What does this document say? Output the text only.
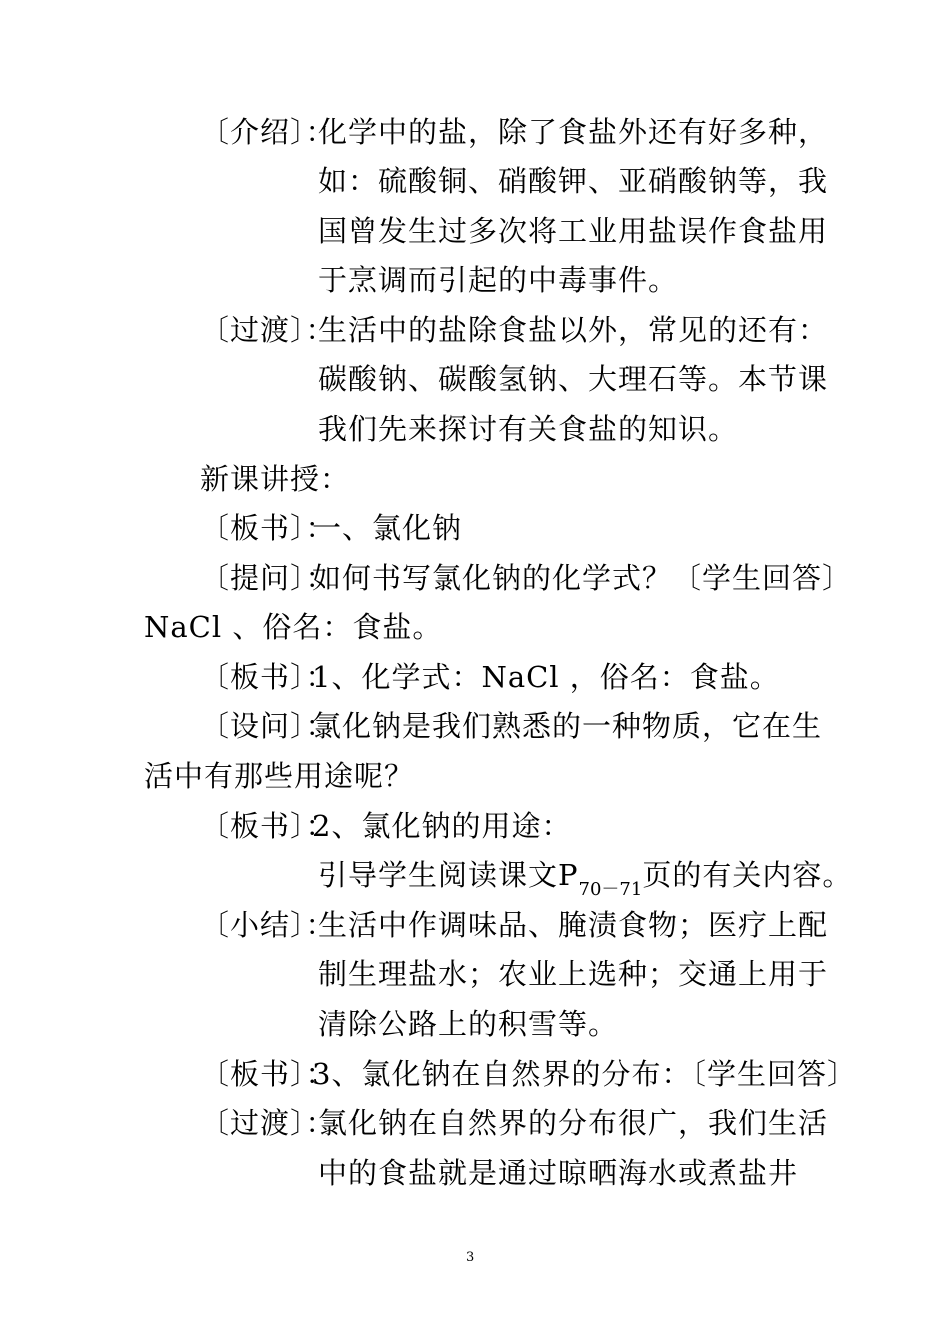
〔介绍〕：
化学中的盐，除了食盐外还有好多种，
如：硫酸铜、硝酸钾、亚硝酸钠等，我
国曾发生过多次将工业用盐误作食盐用
于烹调而引起的中毒事件。
〔过渡〕：
生活中的盐除食盐以外，常见的还有：
碳酸钠、碳酸氢钠、大理石等。本节课
我们先来探讨有关食盐的知识。
新课讲授：
〔板书〕：
一、氯化钠
〔提问〕：
如何书写氯化钠的化学式？〔学生回答〕
NaCl 、俗名：食盐。
〔板书〕：
1、化学式：NaCl ，俗名：食盐。
〔设问〕：
氯化钠是我们熟悉的一种物质，它在生
活中有那些用途呢？
〔板书〕：
2、氯化钠的用途：
引导学生阅读课文$P_{70-71}$页的有关内容。
〔小结〕：
生活中作调味品、腌渍食物；医疗上配
制生理盐水；农业上选种；交通上用于
清除公路上的积雪等。
〔板书〕：
3、氯化钠在自然界的分布：〔学生回答〕
〔过渡〕：
氯化钠在自然界的分布很广，我们生活
中的食盐就是通过晾晒海水或煮盐井
3
